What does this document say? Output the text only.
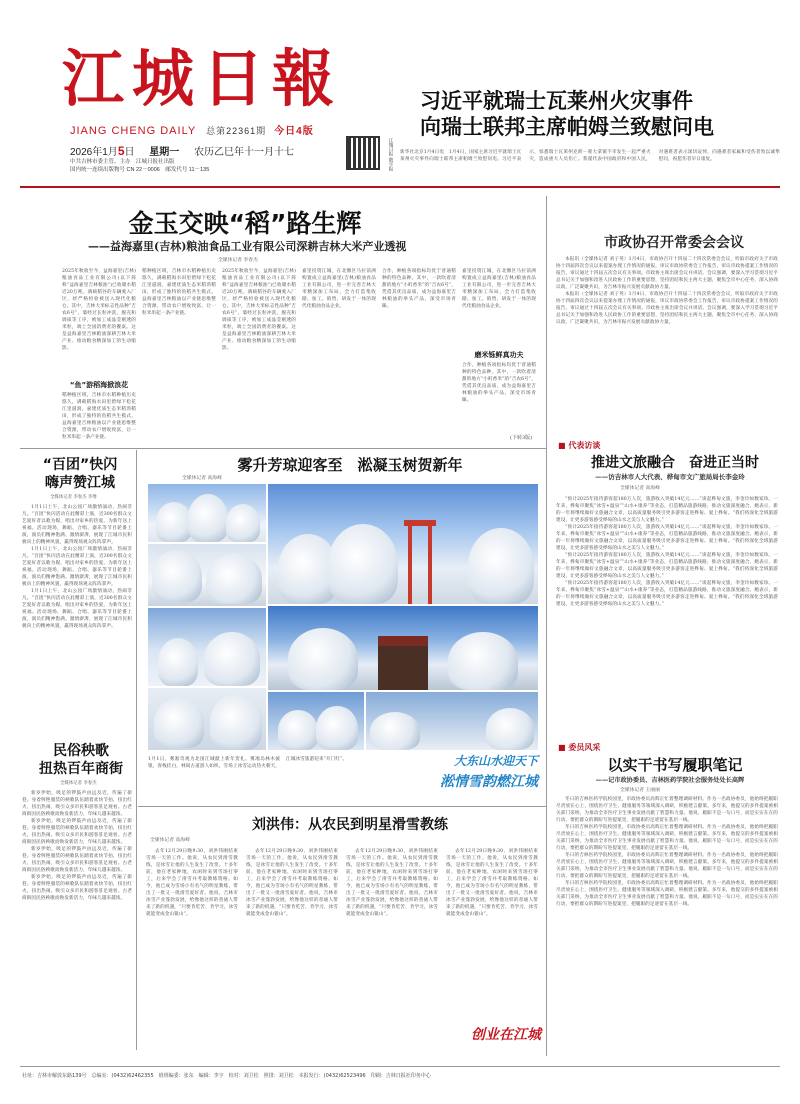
江城日報
JIANG CHENG DAILY 总第22361期 今日4版
2026年1月5日 星期一 农历乙巳年十一月十七
中共吉林市委主管、主办　江城日报社出版
国内统一连续出版物号 CN 22－0006　邮发代号 11－135	江城日报 数字报
习近平就瑞士瓦莱州火灾事件
向瑞士联邦主席帕姆兰致慰问电
新华社北京1月4日电　1月4日，国家主席习近平就瑞士瓦莱州火灾事件向瑞士联邦主席帕姆兰致慰问电。习近平表示，惊悉瑞士瓦莱州克朗－蒙大拿镇不幸发生一起严重火灾，造成重大人员伤亡。我谨代表中国政府和中国人民，对遇难者表示深切哀悼，向遇难者家属和受伤者致以诚挚慰问，祝愿伤者早日康复。
金玉交映“稻”路生辉
——益海嘉里(吉林)粮油食品工业有限公司深耕吉林大米产业透视
全媒体记者 李春杰
2025年秋收至今，益海嘉里(吉林)粮油食品工业有限公司(以下简称“益海嘉里吉林粮油”)已收储水稻近20万吨。满载稻谷的车辆驶入厂区，经严格检验被送入现代化粮仓。其中，吉林大米标志性品种“吉农6号”，婆经过长粒冲洗、脱壳和调质等工序，被加工成晶莹剔透的米粒，端上全国消费者的餐桌。这是益海嘉里吉林粮油深耕吉林大米产业、推动粮食精深加工的生动缩影。
“鱼”游稻海掀浪花
稻种植区域，吉林市水稻种植历史悠久，满载稻海水田里碧绿下松花江里滋润，嘉建优质生态米稻湾稻田，形成了独特的鱼稻共生模式。益海嘉里吉林粮油以产业链思维整合资源，带动农户增收致富，让一粒米串起一条产业链。
稻种植区域，吉林市水稻种植历史悠久，满载稻海水田里碧绿下松花江里滋润，嘉建优质生态米稻湾稻田，形成了独特的鱼稻共生模式。益海嘉里吉林粮油以产业链思维整合资源，带动农户增收致富，让一粒米串起一条产业链。
2025年秋收至今，益海嘉里(吉林)粮油食品工业有限公司(以下简称“益海嘉里吉林粮油”)已收储水稻近20万吨。满载稻谷的车辆驶入厂区，经严格检验被送入现代化粮仓。其中，吉林大米标志性品种“吉农6号”，婆经过长粒冲洗、脱壳和调质等工序，被加工成晶莹剔透的米粒，端上全国消费者的餐桌。这是益海嘉里吉林粮油深耕吉林大米产业、推动粮食精深加工的生动缩影。
嘉里投资江城，在北濒区马拉前洲购置成立益海嘉里(吉林)粮油食品工业有限公司，进一步完善吉林大米精深加工布局，全力打造集收储、加工、销售、研发于一体的现代化粮油食品企业。
合作，种植各项指标均优于普通稻种的特色品种。其中，一款吹着清甜的地方“小町香米”的“吉农6号”，凭借其优良品质，成为益海嘉里吉林粮油的拳头产品，深受市场青睐。
嘉里投资江城，在北濒区马拉前洲购置成立益海嘉里(吉林)粮油食品工业有限公司，进一步完善吉林大米精深加工布局，全力打造集收储、加工、销售、研发于一体的现代化粮油食品企业。
磨米铄鲜真功夫
合作，种植各项指标均优于普通稻种的特色品种。其中，一款吹着清甜的地方“小町香米”的“吉农6号”，凭借其优良品质，成为益海嘉里吉林粮油的拳头产品，深受市场青睐。
(下转3版)
市政协召开常委会会议

本报讯（全媒体记者 刘子英）1月4日，市政协召开十四届二十四次常委会会议，听取市政府关于市政协十四届四次会议以来提案办理工作情况的通报，审议市政协常委会工作报告，审议市政协提案工作情况的报告，审议通过十四届五次会议有关事项。市政协主席出席会议并讲话。会议强调，要深入学习贯彻习近平总书记关于加强和改进人民政协工作的重要思想，坚持团结和民主两大主题，聚焦全市中心任务，深入协商议政，广泛凝聚共识，为吉林市振兴发展贡献政协力量。

本报讯（全媒体记者 刘子英）1月4日，市政协召开十四届二十四次常委会会议，听取市政府关于市政协十四届四次会议以来提案办理工作情况的通报，审议市政协常委会工作报告，审议市政协提案工作情况的报告，审议通过十四届五次会议有关事项。市政协主席出席会议并讲话。会议强调，要深入学习贯彻习近平总书记关于加强和改进人民政协工作的重要思想，坚持团结和民主两大主题，聚焦全市中心任务，深入协商议政，广泛凝聚共识，为吉林市振兴发展贡献政协力量。

■ 代表访谈
推进文旅融合　奋进正当时
——访吉林市人大代表、桦甸市文广旅局局长李金玲
全媒体记者 高海峰

“预计2025年接待游客超180万人次，旅游收入突破14亿元……”谈起桦甸文旅，李金玲如数家珍。一年来，桦甸市聚焦“冰雪+温泉”“山水+康养”等业态，打造精品旅游线路，推动文旅深度融合。她表示，新的一年将继续做好文旅融合文章，以高质量服务吸引更多游客走进桦甸、爱上桦甸。“我们将深化全域旅游建设，让更多游客感受桦甸的山水之美与人文魅力。”

“预计2025年接待游客超180万人次，旅游收入突破14亿元……”谈起桦甸文旅，李金玲如数家珍。一年来，桦甸市聚焦“冰雪+温泉”“山水+康养”等业态，打造精品旅游线路，推动文旅深度融合。她表示，新的一年将继续做好文旅融合文章，以高质量服务吸引更多游客走进桦甸、爱上桦甸。“我们将深化全域旅游建设，让更多游客感受桦甸的山水之美与人文魅力。”

“预计2025年接待游客超180万人次，旅游收入突破14亿元……”谈起桦甸文旅，李金玲如数家珍。一年来，桦甸市聚焦“冰雪+温泉”“山水+康养”等业态，打造精品旅游线路，推动文旅深度融合。她表示，新的一年将继续做好文旅融合文章，以高质量服务吸引更多游客走进桦甸、爱上桦甸。“我们将深化全域旅游建设，让更多游客感受桦甸的山水之美与人文魅力。”

“预计2025年接待游客超180万人次，旅游收入突破14亿元……”谈起桦甸文旅，李金玲如数家珍。一年来，桦甸市聚焦“冰雪+温泉”“山水+康养”等业态，打造精品旅游线路，推动文旅深度融合。她表示，新的一年将继续做好文旅融合文章，以高质量服务吸引更多游客走进桦甸、爱上桦甸。“我们将深化全域旅游建设，让更多游客感受桦甸的山水之美与人文魅力。”

■ 委员风采
以实干书写履职笔记
——记市政协委员、吉林医药学院社会服务处处长高辉
全媒体记者 王丽丽

冬日的吉林医药学院校园里，市政协委员高辉正忙着整理调研材料。作为一名政协委员，他始终把履职尽责放在心上，围绕医疗卫生、健康服务等领域深入调研，积极建言献策。多年来，他提交的多件提案被相关部门采纳，为推动全市医疗卫生事业发展贡献了智慧和力量。他说，履职不是一句口号，而是实实在在的行动，要把群众的期盼写进提案里，把履职的足迹留在基层一线。

冬日的吉林医药学院校园里，市政协委员高辉正忙着整理调研材料。作为一名政协委员，他始终把履职尽责放在心上，围绕医疗卫生、健康服务等领域深入调研，积极建言献策。多年来，他提交的多件提案被相关部门采纳，为推动全市医疗卫生事业发展贡献了智慧和力量。他说，履职不是一句口号，而是实实在在的行动，要把群众的期盼写进提案里，把履职的足迹留在基层一线。

冬日的吉林医药学院校园里，市政协委员高辉正忙着整理调研材料。作为一名政协委员，他始终把履职尽责放在心上，围绕医疗卫生、健康服务等领域深入调研，积极建言献策。多年来，他提交的多件提案被相关部门采纳，为推动全市医疗卫生事业发展贡献了智慧和力量。他说，履职不是一句口号，而是实实在在的行动，要把群众的期盼写进提案里，把履职的足迹留在基层一线。

冬日的吉林医药学院校园里，市政协委员高辉正忙着整理调研材料。作为一名政协委员，他始终把履职尽责放在心上，围绕医疗卫生、健康服务等领域深入调研，积极建言献策。多年来，他提交的多件提案被相关部门采纳，为推动全市医疗卫生事业发展贡献了智慧和力量。他说，履职不是一句口号，而是实实在在的行动，要把群众的期盼写进提案里，把履职的足迹留在基层一线。

“百团”快闪
嗨声赞江城
全媒体记者 李春杰 李博

1月1日上午，北山公园广场激情涌动，热闹非凡。“百团”快闪活动在此精彩上演，近300名群众文艺爱好者以歌为媒，唱出对家乡的热爱，为新年送上祝福。活动现场，舞蹈、合唱、器乐等节目轮番上演，演员们精神饱满、激情澎湃，展现了江城市民积极向上的精神风貌，赢得现场观众阵阵掌声。

1月1日上午，北山公园广场激情涌动，热闹非凡。“百团”快闪活动在此精彩上演，近300名群众文艺爱好者以歌为媒，唱出对家乡的热爱，为新年送上祝福。活动现场，舞蹈、合唱、器乐等节目轮番上演，演员们精神饱满、激情澎湃，展现了江城市民积极向上的精神风貌，赢得现场观众阵阵掌声。

1月1日上午，北山公园广场激情涌动，热闹非凡。“百团”快闪活动在此精彩上演，近300名群众文艺爱好者以歌为媒，唱出对家乡的热爱，为新年送上祝福。活动现场，舞蹈、合唱、器乐等节目轮番上演，演员们精神饱满、激情澎湃，展现了江城市民积极向上的精神风貌，赢得现场观众阵阵掌声。

民俗秧歌
扭热百年商街
全媒体记者 李春杰

新岁伊始，吸足的锣鼓声由远及近，传遍了街巷。身着鲜艳服装的秧歌队伍踏着欢快节拍，扭出红火、扭出热闹，吸引众多市民和游客驻足观看。古老商街因民俗秧歌而焕发新活力，年味儿越来越浓。

新岁伊始，吸足的锣鼓声由远及近，传遍了街巷。身着鲜艳服装的秧歌队伍踏着欢快节拍，扭出红火、扭出热闹，吸引众多市民和游客驻足观看。古老商街因民俗秧歌而焕发新活力，年味儿越来越浓。

新岁伊始，吸足的锣鼓声由远及近，传遍了街巷。身着鲜艳服装的秧歌队伍踏着欢快节拍，扭出红火、扭出热闹，吸引众多市民和游客驻足观看。古老商街因民俗秧歌而焕发新活力，年味儿越来越浓。

新岁伊始，吸足的锣鼓声由远及近，传遍了街巷。身着鲜艳服装的秧歌队伍踏着欢快节拍，扭出红火、扭出热闹，吸引众多市民和游客驻足观看。古老商街因民俗秧歌而焕发新活力，年味儿越来越浓。

雾升芳琼迎客至　淞凝玉树贺新年
全媒体记者 高海峰
1月1日，雾凇奇观为北国江城献上新年贺礼。雾凇岛林木披银，客栈挂白，林间古道游人如织，雪场上冰雪运动热火朝天，江城冰雪旅游迎来“开门红”。	大东山水迎天下
淞情雪韵燃江城
刘洪伟：从农民到明星滑雪教练
全媒体记者 高海峰

去年12月29日晚9:30，刘洪伟刚结束雪场一天的工作。他说，从农民到滑雪教练，是冰雪让他的人生发生了改变。十多年前，他在老家种地，农闲时来到雪场打零工，后来学会了滑雪并考取教练资格。如今，他已成为雪场小有名气的明星教练，带出了一批又一批滑雪爱好者。他说，吉林市冰雪产业蓬勃发展，给像他这样的普通人带来了新的机遇，“只要肯吃苦、肯学习，冰雪就能变成金山银山”。

去年12月29日晚9:30，刘洪伟刚结束雪场一天的工作。他说，从农民到滑雪教练，是冰雪让他的人生发生了改变。十多年前，他在老家种地，农闲时来到雪场打零工，后来学会了滑雪并考取教练资格。如今，他已成为雪场小有名气的明星教练，带出了一批又一批滑雪爱好者。他说，吉林市冰雪产业蓬勃发展，给像他这样的普通人带来了新的机遇，“只要肯吃苦、肯学习，冰雪就能变成金山银山”。

去年12月29日晚9:30，刘洪伟刚结束雪场一天的工作。他说，从农民到滑雪教练，是冰雪让他的人生发生了改变。十多年前，他在老家种地，农闲时来到雪场打零工，后来学会了滑雪并考取教练资格。如今，他已成为雪场小有名气的明星教练，带出了一批又一批滑雪爱好者。他说，吉林市冰雪产业蓬勃发展，给像他这样的普通人带来了新的机遇，“只要肯吃苦、肯学习，冰雪就能变成金山银山”。

去年12月29日晚9:30，刘洪伟刚结束雪场一天的工作。他说，从农民到滑雪教练，是冰雪让他的人生发生了改变。十多年前，他在老家种地，农闲时来到雪场打零工，后来学会了滑雪并考取教练资格。如今，他已成为雪场小有名气的明星教练，带出了一批又一批滑雪爱好者。他说，吉林市冰雪产业蓬勃发展，给像他这样的普通人带来了新的机遇，“只要肯吃苦、肯学习，冰雪就能变成金山银山”。

创业在江城
社址：吉林市解放东路139号　总编室：(0432)62462355　值班编委：张东　编辑：李宇　校对：刘卫松　照排：刘卫松　本报发行：(0432)62523496　印刷：吉林日报社印务中心
